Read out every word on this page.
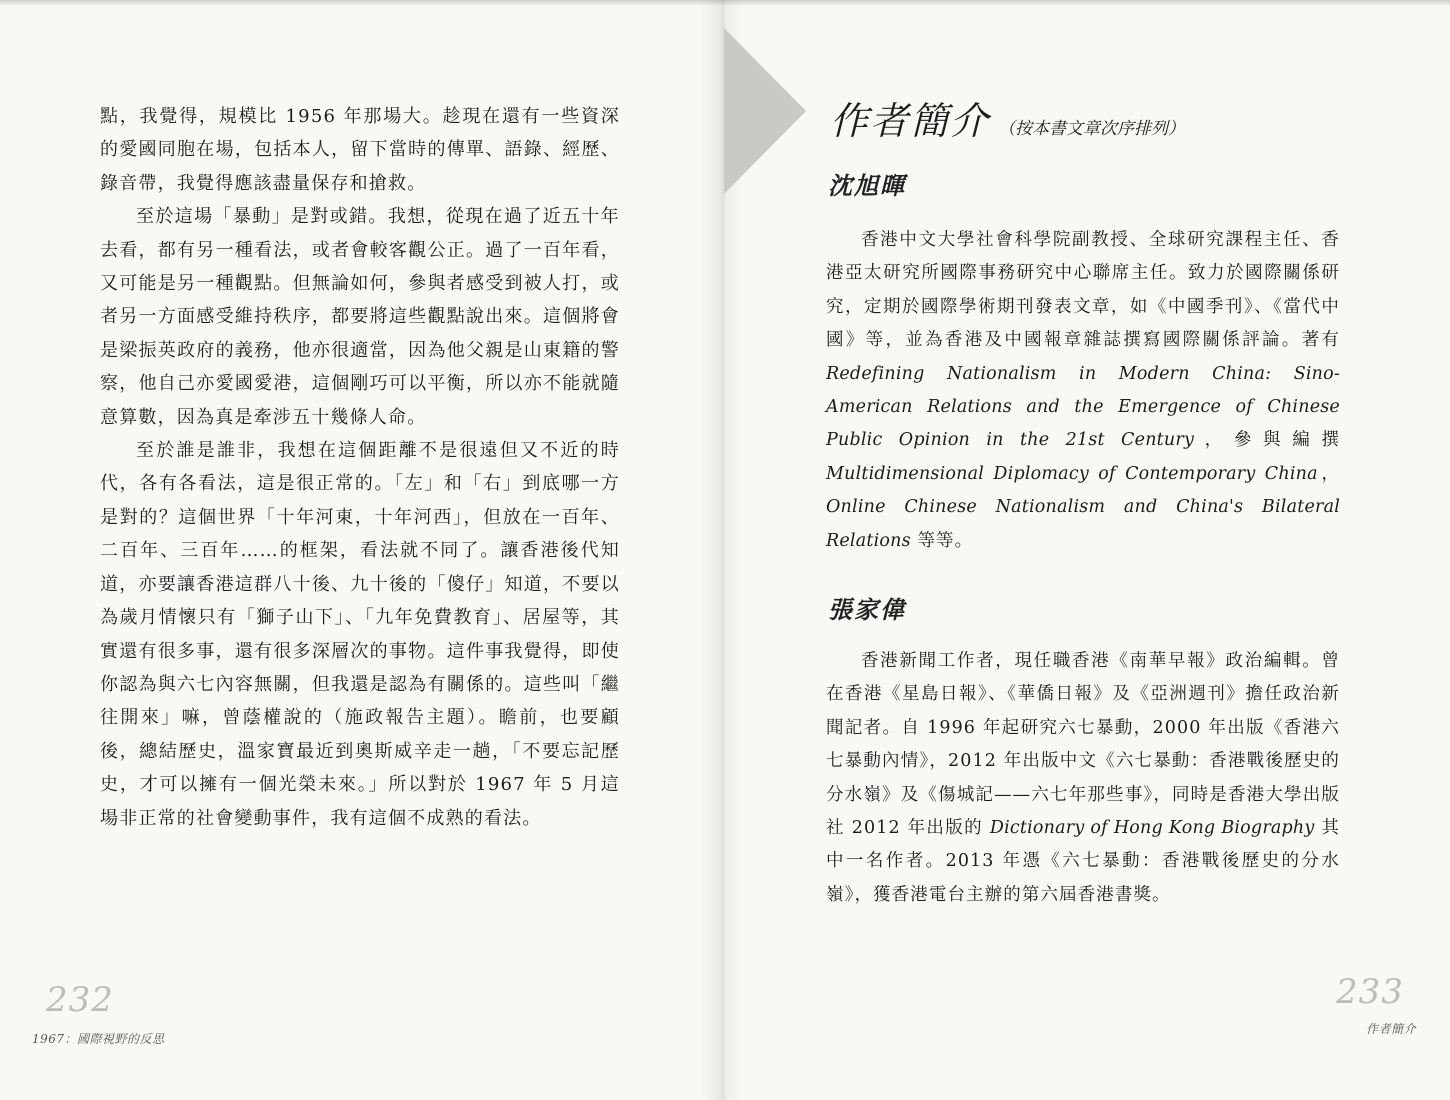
點，我覺得，規模比 1956 年那場大。趁現在還有一些資深的愛國同胞在場，包括本人，留下當時的傳單、語錄、經歷、錄音帶，我覺得應該盡量保存和搶救。

至於這場「暴動」是對或錯。我想，從現在過了近五十年去看，都有另一種看法，或者會較客觀公正。過了一百年看，又可能是另一種觀點。但無論如何，參與者感受到被人打，或者另一方面感受維持秩序，都要將這些觀點說出來。這個將會是梁振英政府的義務，他亦很適當，因為他父親是山東籍的警察，他自己亦愛國愛港，這個剛巧可以平衡，所以亦不能就隨意算數，因為真是牽涉五十幾條人命。

至於誰是誰非，我想在這個距離不是很遠但又不近的時代，各有各看法，這是很正常的。「左」和「右」到底哪一方是對的？這個世界「十年河東，十年河西」，但放在一百年、二百年、三百年……的框架，看法就不同了。讓香港後代知道，亦要讓香港這群八十後、九十後的「傻仔」知道，不要以為歲月情懷只有「獅子山下」、「九年免費教育」、居屋等，其實還有很多事，還有很多深層次的事物。這件事我覺得，即使你認為與六七內容無關，但我還是認為有關係的。這些叫「繼往開來」嘛，曾蔭權說的（施政報告主題）。瞻前，也要顧後，總結歷史，溫家寶最近到奧斯威辛走一趟，「不要忘記歷史，才可以擁有一個光榮未來。」所以對於 1967 年 5 月這場非正常的社會變動事件，我有這個不成熟的看法。

232
1967：國際視野的反思
作者簡介 （按本書文章次序排列）
沈旭暉

香港中文大學社會科學院副教授、全球研究課程主任、香港亞太研究所國際事務研究中心聯席主任。致力於國際關係研究，定期於國際學術期刊發表文章，如《中國季刊》、《當代中國》等，並為香港及中國報章雜誌撰寫國際關係評論。著有 Redefining Nationalism in Modern China: Sino-American Relations and the Emergence of Chinese Public Opinion in the 21st Century，參與編撰 Multidimensional Diplomacy of Contemporary China，Online Chinese Nationalism and China's Bilateral Relations 等等。

張家偉

香港新聞工作者，現任職香港《南華早報》政治編輯。曾在香港《星島日報》、《華僑日報》及《亞洲週刊》擔任政治新聞記者。自 1996 年起研究六七暴動，2000 年出版《香港六七暴動內情》，2012 年出版中文《六七暴動：香港戰後歷史的分水嶺》及《傷城記——六七年那些事》，同時是香港大學出版社 2012 年出版的 Dictionary of Hong Kong Biography 其中一名作者。2013 年憑《六七暴動：香港戰後歷史的分水嶺》，獲香港電台主辦的第六屆香港書獎。

233
作者簡介
